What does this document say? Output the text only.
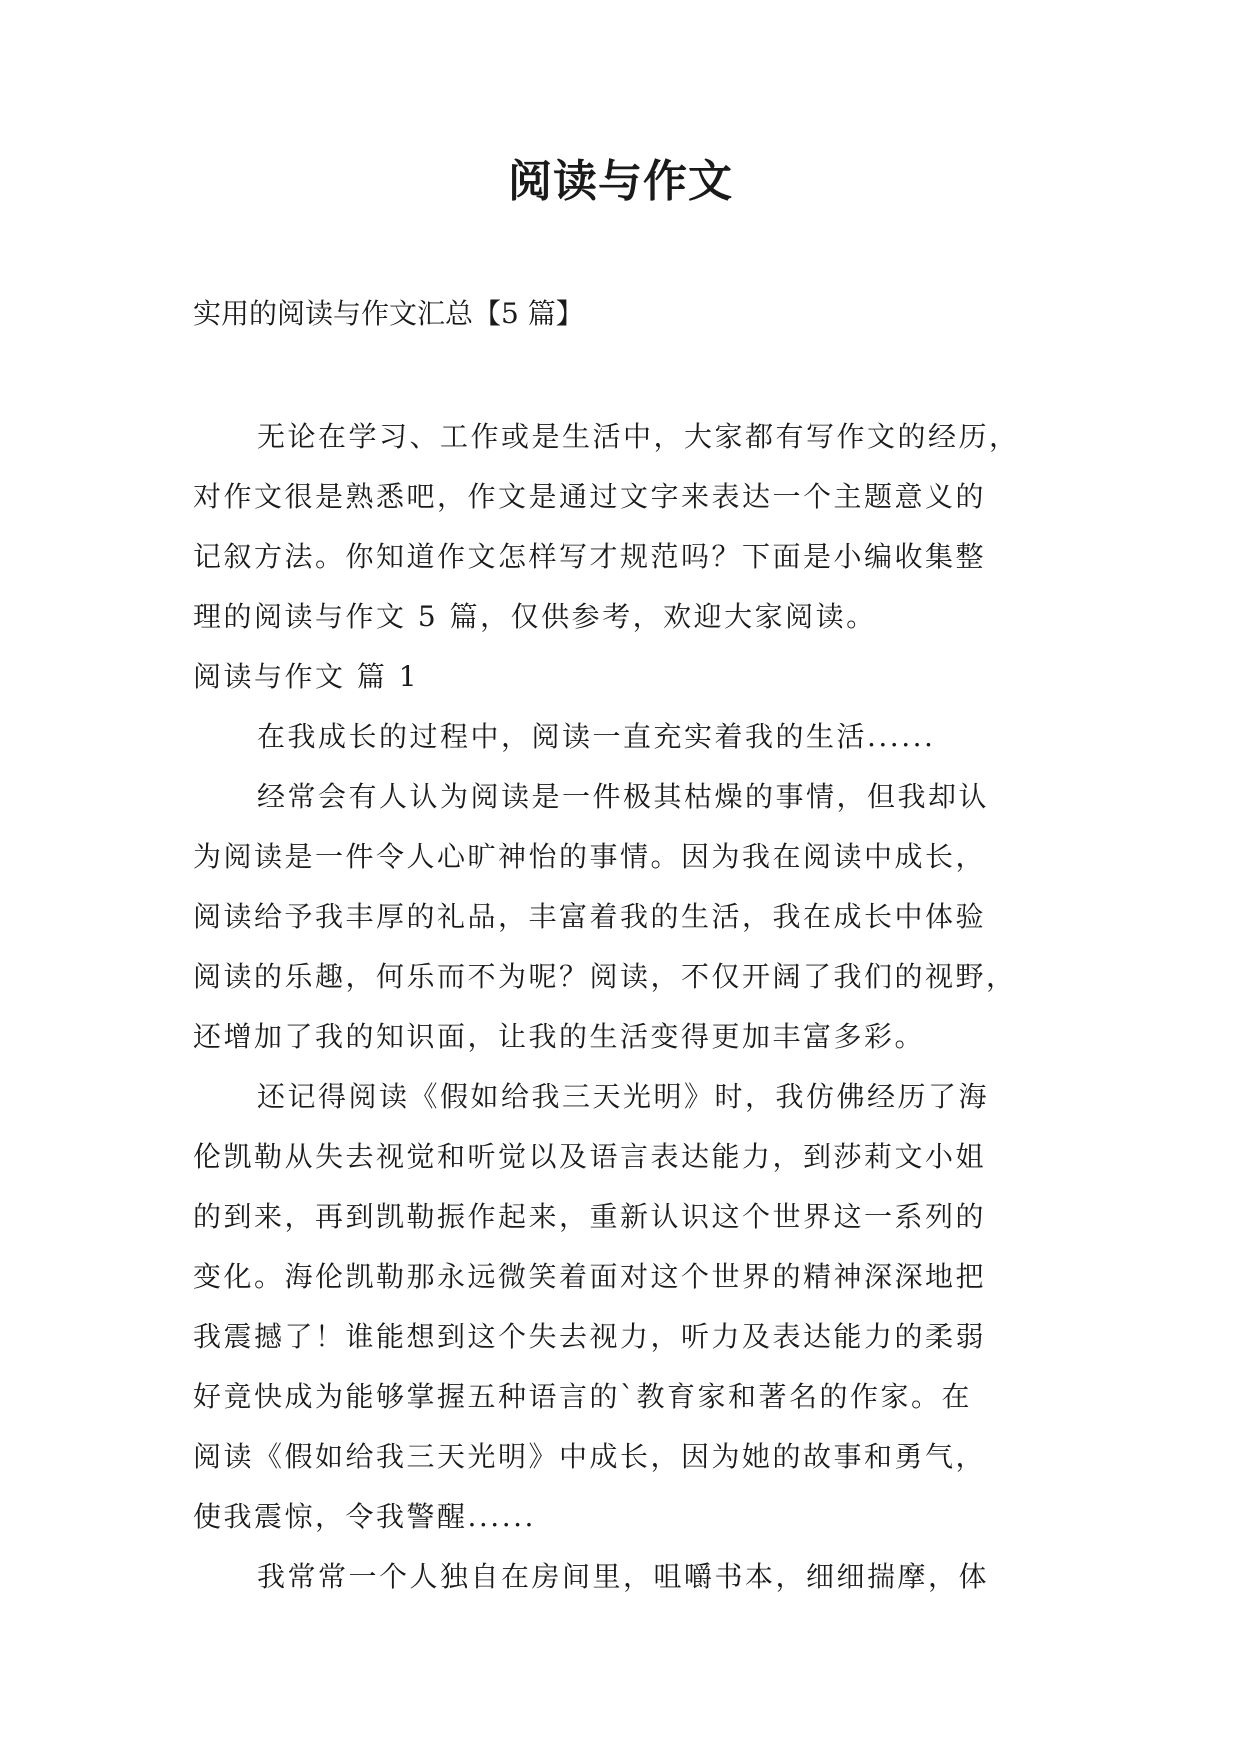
阅读与作文
实用的阅读与作文汇总【5 篇】
无论在学习、工作或是生活中，大家都有写作文的经历，
对作文很是熟悉吧，作文是通过文字来表达一个主题意义的
记叙方法。你知道作文怎样写才规范吗？下面是小编收集整
理的阅读与作文 5 篇，仅供参考，欢迎大家阅读。
阅读与作文 篇 1
在我成长的过程中，阅读一直充实着我的生活......
经常会有人认为阅读是一件极其枯燥的事情，但我却认
为阅读是一件令人心旷神怡的事情。因为我在阅读中成长，
阅读给予我丰厚的礼品，丰富着我的生活，我在成长中体验
阅读的乐趣，何乐而不为呢？阅读，不仅开阔了我们的视野，
还增加了我的知识面，让我的生活变得更加丰富多彩。
还记得阅读《假如给我三天光明》时，我仿佛经历了海
伦凯勒从失去视觉和听觉以及语言表达能力，到莎莉文小姐
的到来，再到凯勒振作起来，重新认识这个世界这一系列的
变化。海伦凯勒那永远微笑着面对这个世界的精神深深地把
我震撼了！谁能想到这个失去视力，听力及表达能力的柔弱
好竟快成为能够掌握五种语言的`教育家和著名的作家。在
阅读《假如给我三天光明》中成长，因为她的故事和勇气，
使我震惊，令我警醒......
我常常一个人独自在房间里，咀嚼书本，细细揣摩，体
